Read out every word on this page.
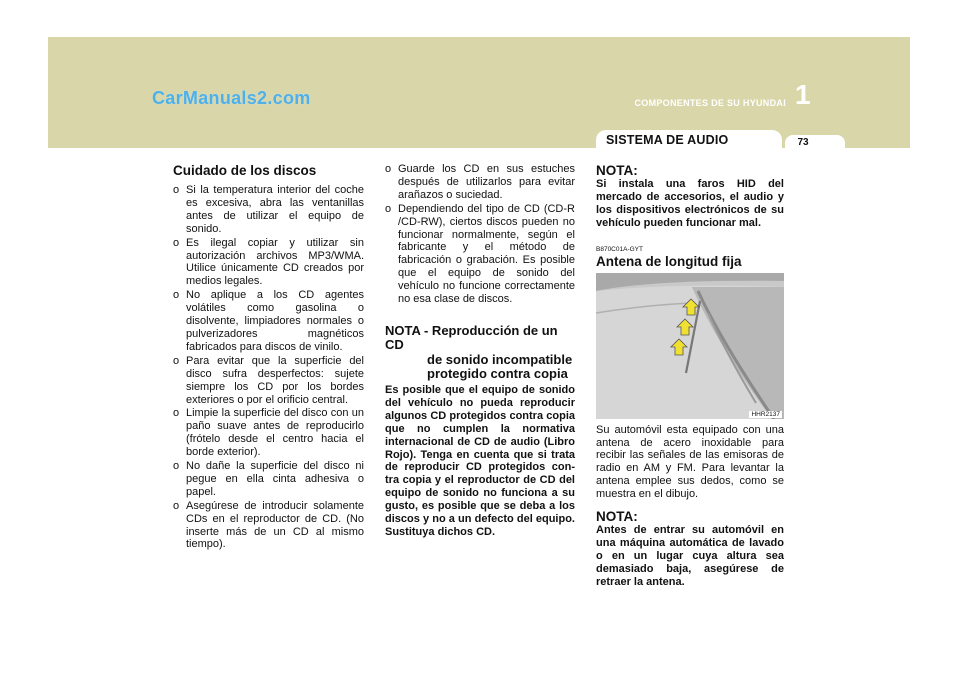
CarManuals2.com	COMPONENTES DE SU HYUNDAI 1
SISTEMA DE AUDIO	73
Cuidado de los discos
o Si la temperatura interior del coche es excesiva, abra las ventanillas antes de utilizar el equipo de sonido.
o Es ilegal copiar y utilizar sin autorización archivos MP3/WMA. Utilice únicamente CD creados por medios legales.
o No aplique a los CD agentes volátiles como gasolina o disolvente, limpiadores normales o pulverizadores magnéticos fabricados para discos de vinilo.
o Para evitar que la superficie del disco sufra desperfectos: sujete siempre los CD por los bordes exteriores o por el orificio central.
o Limpie la superficie del disco con un paño suave antes de reproducirlo (frótelo desde el centro hacia el borde exterior).
o No dañe la superficie del disco ni pegue en ella cinta adhesiva o papel.
o Asegúrese de introducir solamente CDs en el reproductor de CD. (No inserte más de un CD al mismo tiempo).
o Guarde los CD en sus estuches después de utilizarlos para evitar arañazos o suciedad.
o Dependiendo del tipo de CD (CD-R /CD-RW), ciertos discos pueden no funcionar normalmente, según el fabricante y el método de fabricación o grabación. Es posible que el equipo de sonido del vehículo no funcione correctamente no esa clase de discos.
NOTA - Reproducción de un CD
de sonido incompatible
protegido contra copia

Es posible que el equipo de sonido del vehículo no pueda reproducir algunos CD protegidos contra copia que no cumplen la normativa internacional de CD de audio (Libro Rojo). Tenga en cuenta que si trata de reproducir CD protegidos con-tra copia y el reproductor de CD del equipo de sonido no funciona a su gusto, es posible que se deba a los discos y no a un defecto del equipo. Sustituya dichos CD.

NOTA:

Si instala una faros HID del mercado de accesorios, el audio y los dispositivos electrónicos de su vehículo pueden funcionar mal.

B870C01A-GYT

Antena de longitud fija

HHR2137

Su automóvil esta equipado con una antena de acero inoxidable para recibir las señales de las emisoras de radio en AM y FM. Para levantar la antena emplee sus dedos, como se muestra en el dibujo.

NOTA:

Antes de entrar su automóvil en una máquina automática de lavado o en un lugar cuya altura sea demasiado baja, asegúrese de retraer la antena.
